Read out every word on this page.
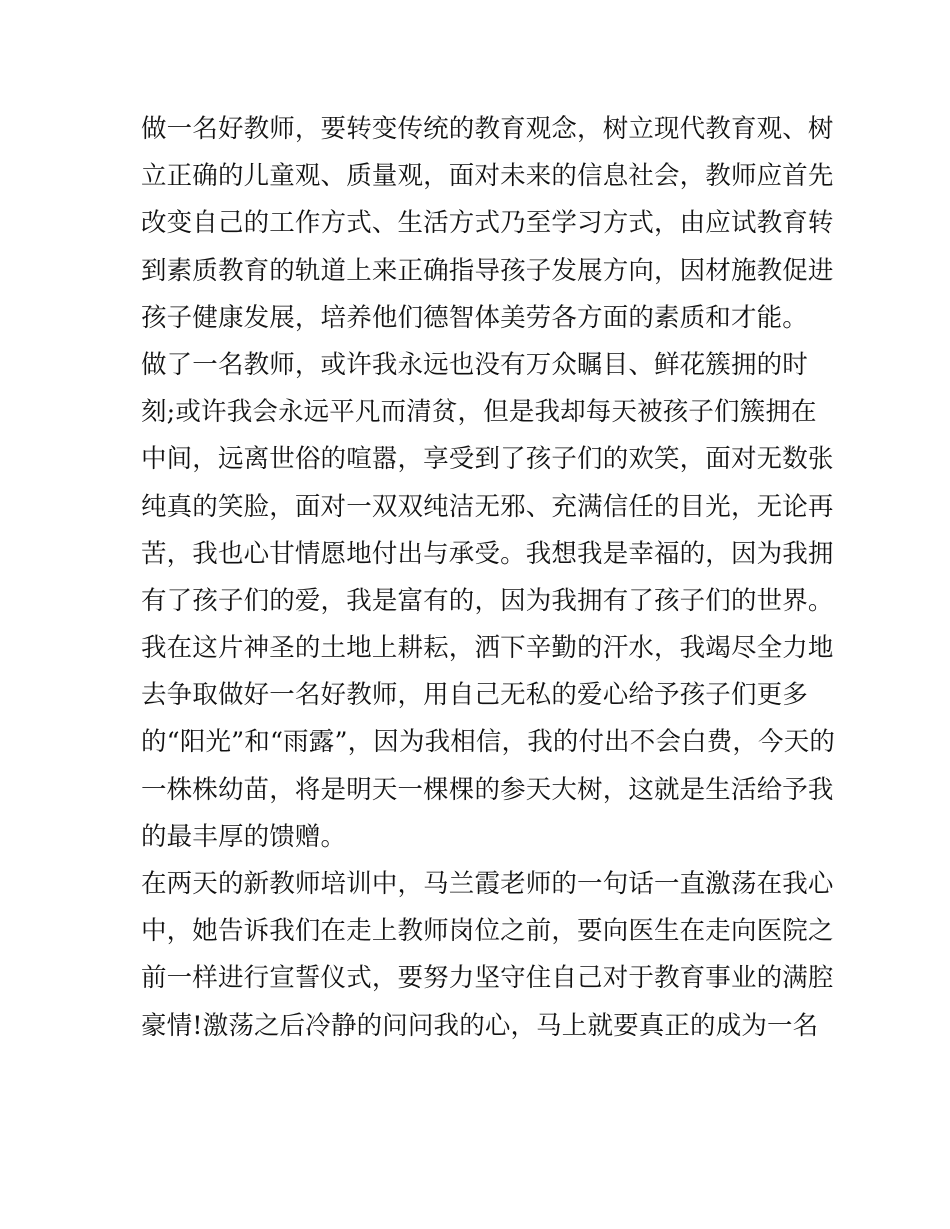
做一名好教师，要转变传统的教育观念，树立现代教育观、树
立正确的儿童观、质量观，面对未来的信息社会，教师应首先
改变自己的工作方式、生活方式乃至学习方式，由应试教育转
到素质教育的轨道上来正确指导孩子发展方向，因材施教促进
孩子健康发展，培养他们德智体美劳各方面的素质和才能。
做了一名教师，或许我永远也没有万众瞩目、鲜花簇拥的时
刻;或许我会永远平凡而清贫，但是我却每天被孩子们簇拥在
中间，远离世俗的喧嚣，享受到了孩子们的欢笑，面对无数张
纯真的笑脸，面对一双双纯洁无邪、充满信任的目光，无论再
苦，我也心甘情愿地付出与承受。我想我是幸福的，因为我拥
有了孩子们的爱，我是富有的，因为我拥有了孩子们的世界。
我在这片神圣的土地上耕耘，洒下辛勤的汗水，我竭尽全力地
去争取做好一名好教师，用自己无私的爱心给予孩子们更多
的“阳光”和“雨露”，因为我相信，我的付出不会白费，今天的
一株株幼苗，将是明天一棵棵的参天大树，这就是生活给予我
的最丰厚的馈赠。
在两天的新教师培训中，马兰霞老师的一句话一直激荡在我心
中，她告诉我们在走上教师岗位之前，要向医生在走向医院之
前一样进行宣誓仪式，要努力坚守住自己对于教育事业的满腔
豪情!激荡之后冷静的问问我的心，马上就要真正的成为一名
